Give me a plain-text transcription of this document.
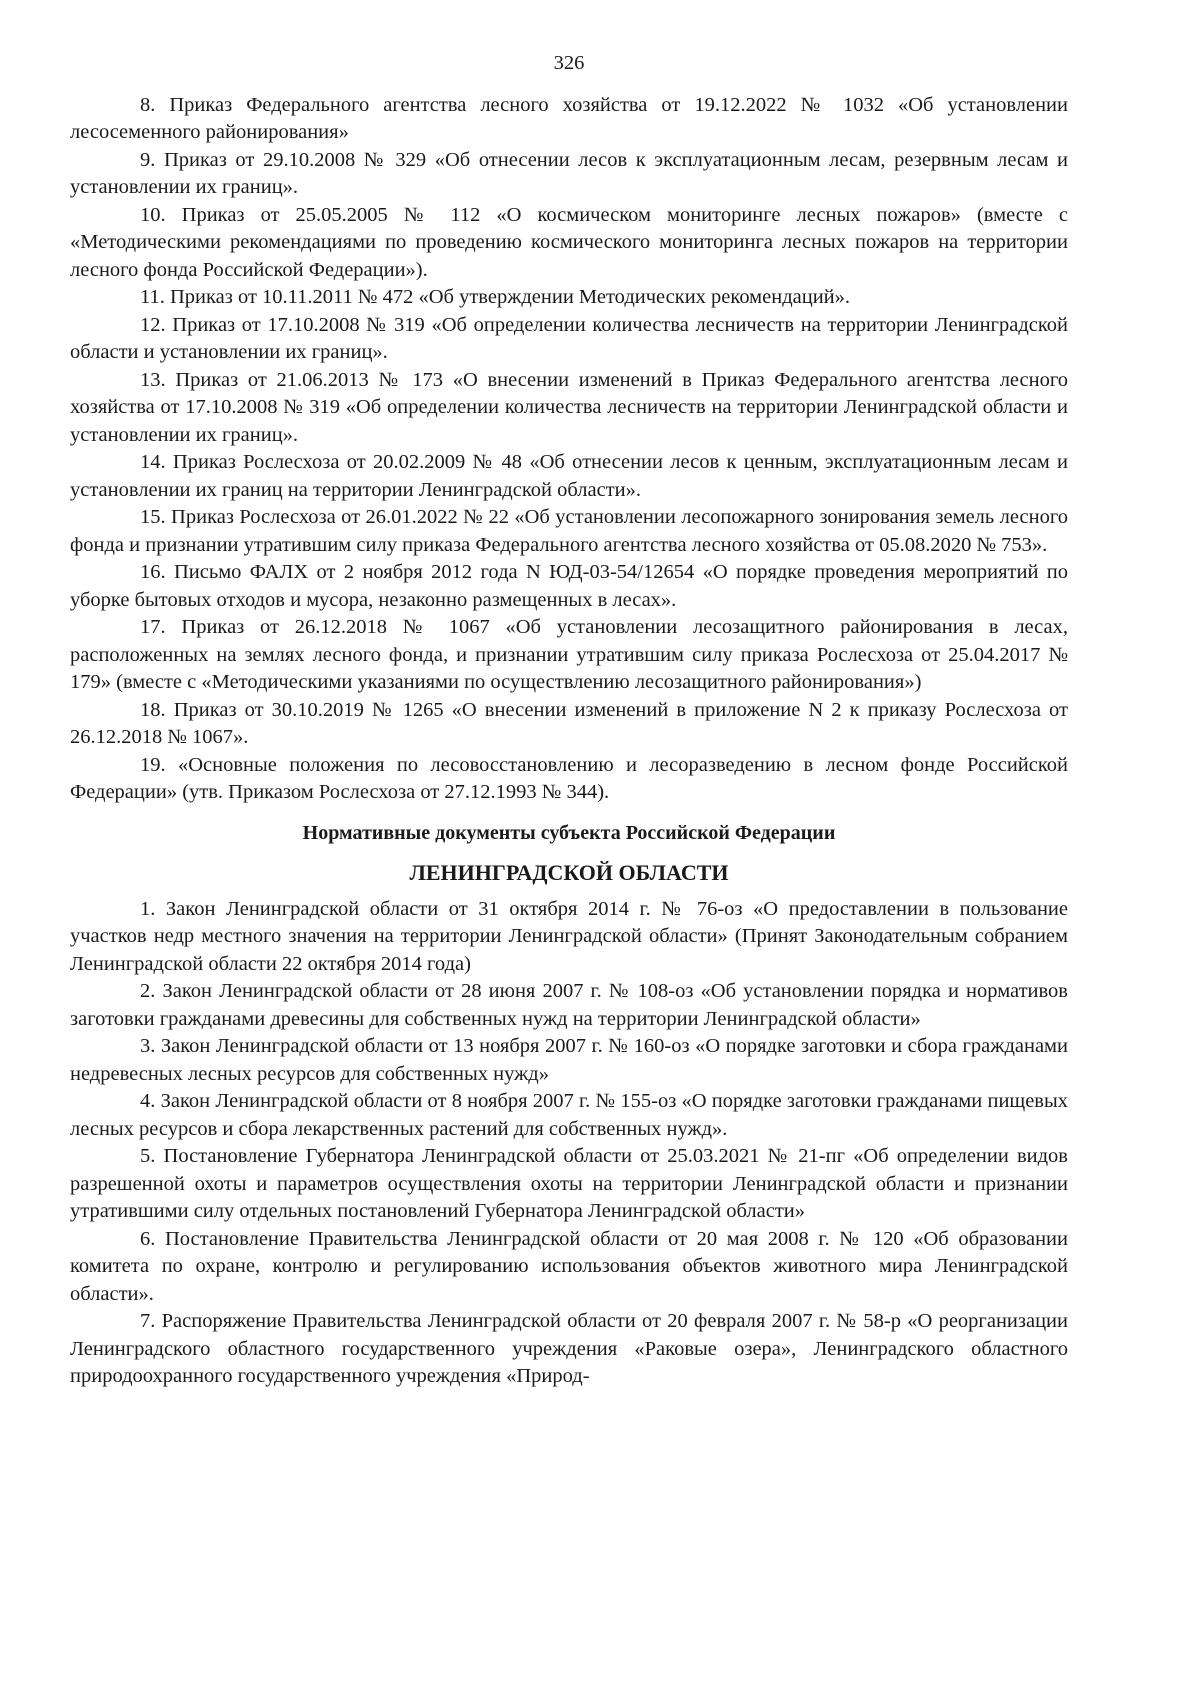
326

8. Приказ Федерального агентства лесного хозяйства от 19.12.2022 № 1032 «Об установлении лесосеменного районирования»

9. Приказ от 29.10.2008 № 329 «Об отнесении лесов к эксплуатационным лесам, резервным лесам и установлении их границ».

10. Приказ от 25.05.2005 № 112 «О космическом мониторинге лесных пожаров» (вместе с «Методическими рекомендациями по проведению космического мониторинга лесных пожаров на территории лесного фонда Российской Федерации»).

11. Приказ от 10.11.2011 № 472 «Об утверждении Методических рекомендаций».

12. Приказ от 17.10.2008 № 319 «Об определении количества лесничеств на территории Ленинградской области и установлении их границ».

13. Приказ от 21.06.2013 № 173 «О внесении изменений в Приказ Федерального агентства лесного хозяйства от 17.10.2008 № 319 «Об определении количества лесничеств на территории Ленинградской области и установлении их границ».

14. Приказ Рослесхоза от 20.02.2009 № 48 «Об отнесении лесов к ценным, эксплуатационным лесам и установлении их границ на территории Ленинградской области».

15. Приказ Рослесхоза от 26.01.2022 № 22 «Об установлении лесопожарного зонирования земель лесного фонда и признании утратившим силу приказа Федерального агентства лесного хозяйства от 05.08.2020 № 753».

16. Письмо ФАЛХ от 2 ноября 2012 года N ЮД-03-54/12654 «О порядке проведения мероприятий по уборке бытовых отходов и мусора, незаконно размещенных в лесах».

17. Приказ от 26.12.2018 № 1067 «Об установлении лесозащитного районирования в лесах, расположенных на землях лесного фонда, и признании утратившим силу приказа Рослесхоза от 25.04.2017 № 179» (вместе с «Методическими указаниями по осуществлению лесозащитного районирования»)

18. Приказ от 30.10.2019 № 1265 «О внесении изменений в приложение N 2 к приказу Рослесхоза от 26.12.2018 № 1067».

19. «Основные положения по лесовосстановлению и лесоразведению в лесном фонде Российской Федерации» (утв. Приказом Рослесхоза от 27.12.1993 № 344).

Нормативные документы субъекта Российской Федерации
ЛЕНИНГРАДСКОЙ ОБЛАСТИ

1. Закон Ленинградской области от 31 октября 2014 г. № 76-оз «О предоставлении в пользование участков недр местного значения на территории Ленинградской области» (Принят Законодательным собранием Ленинградской области 22 октября 2014 года)

2. Закон Ленинградской области от 28 июня 2007 г. № 108-оз «Об установлении порядка и нормативов заготовки гражданами древесины для собственных нужд на территории Ленинградской области»

3. Закон Ленинградской области от 13 ноября 2007 г. № 160-оз «О порядке заготовки и сбора гражданами недревесных лесных ресурсов для собственных нужд»

4. Закон Ленинградской области от 8 ноября 2007 г. № 155-оз «О порядке заготовки гражданами пищевых лесных ресурсов и сбора лекарственных растений для собственных нужд».

5. Постановление Губернатора Ленинградской области от 25.03.2021 № 21-пг «Об определении видов разрешенной охоты и параметров осуществления охоты на территории Ленинградской области и признании утратившими силу отдельных постановлений Губернатора Ленинградской области»

6. Постановление Правительства Ленинградской области от 20 мая 2008 г. № 120 «Об образовании комитета по охране, контролю и регулированию использования объектов животного мира Ленинградской области».

7. Распоряжение Правительства Ленинградской области от 20 февраля 2007 г. № 58-р «О реорганизации Ленинградского областного государственного учреждения «Раковые озера», Ленинградского областного природоохранного государственного учреждения «Природ-
